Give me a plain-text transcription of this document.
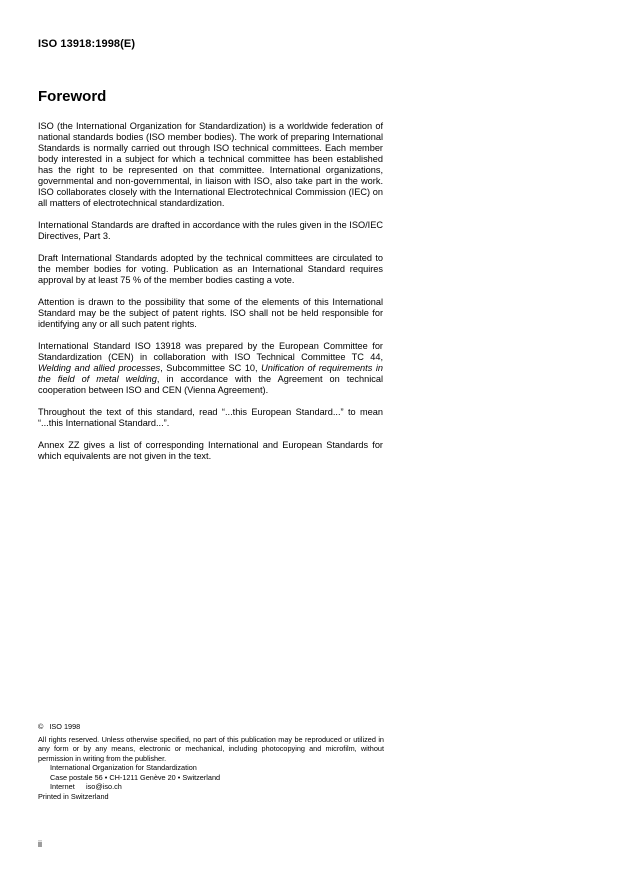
ISO 13918:1998(E)
Foreword

ISO (the International Organization for Standardization) is a worldwide federation of national standards bodies (ISO member bodies). The work of preparing International Standards is normally carried out through ISO technical committees. Each member body interested in a subject for which a technical committee has been established has the right to be represented on that committee. International organizations, governmental and non-governmental, in liaison with ISO, also take part in the work. ISO collaborates closely with the International Electrotechnical Commission (IEC) on all matters of electrotechnical standardization.

International Standards are drafted in accordance with the rules given in the ISO/IEC Directives, Part 3.

Draft International Standards adopted by the technical committees are circulated to the member bodies for voting. Publication as an International Standard requires approval by at least 75 % of the member bodies casting a vote.

Attention is drawn to the possibility that some of the elements of this International Standard may be the subject of patent rights. ISO shall not be held responsible for identifying any or all such patent rights.

International Standard ISO 13918 was prepared by the European Committee for Standardization (CEN) in collaboration with ISO Technical Committee TC 44, Welding and allied processes, Subcommittee SC 10, Unification of requirements in the field of metal welding, in accordance with the Agreement on technical cooperation between ISO and CEN (Vienna Agreement).

Throughout the text of this standard, read “...this European Standard...” to mean “...this International Standard...”.

Annex ZZ gives a list of corresponding International and European Standards for which equivalents are not given in the text.

© ISO 1998
All rights reserved. Unless otherwise specified, no part of this publication may be reproduced or utilized in any form or by any means, electronic or mechanical, including photocopying and microfilm, without permission in writing from the publisher.
International Organization for Standardization
Case postale 56 • CH-1211 Genève 20 • Switzerland
Internet iso@iso.ch
Printed in Switzerland
ii
